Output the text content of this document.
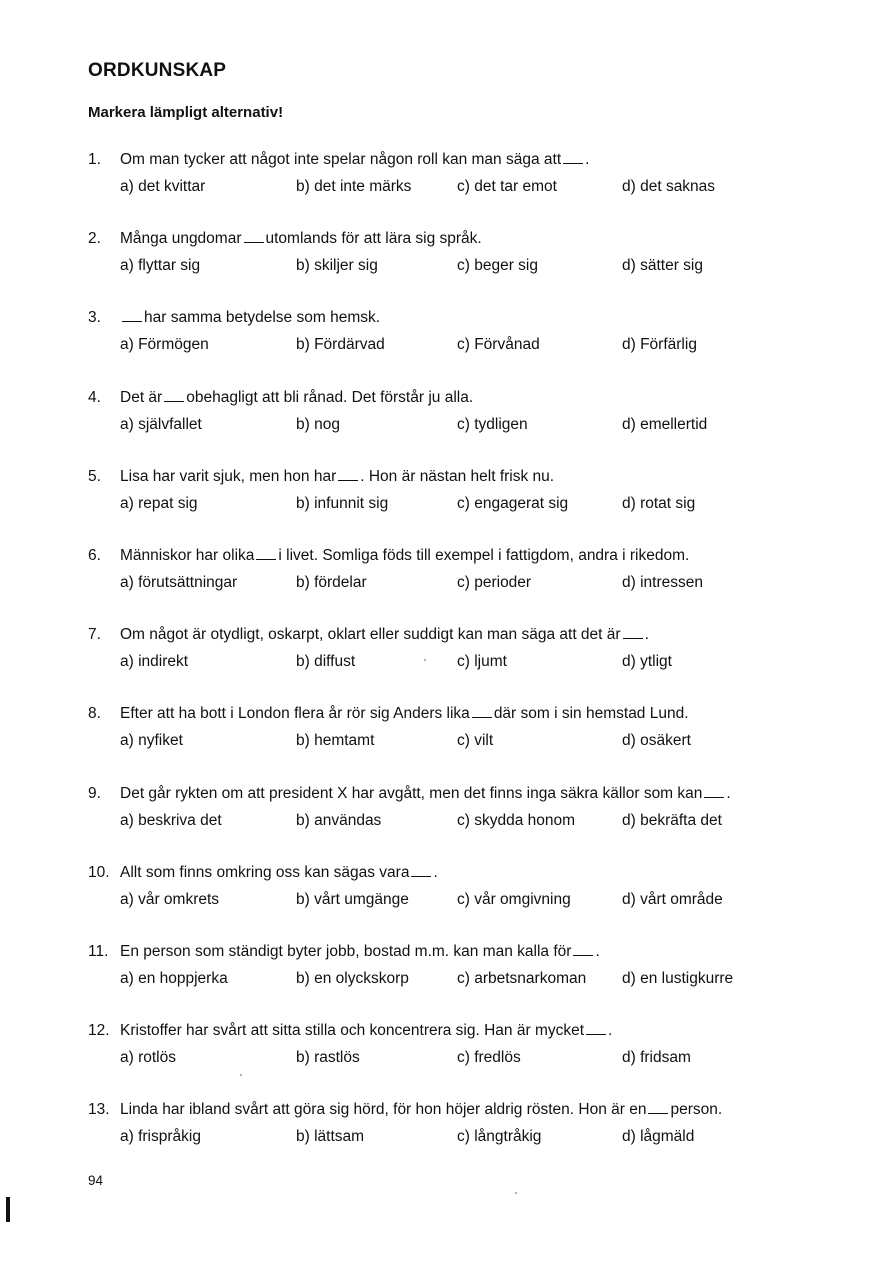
ORDKUNSKAP
Markera lämpligt alternativ!
1.	Om man tycker att något inte spelar någon roll kan man säga att .
a) det kvittar	b) det inte märks	c) det tar emot	d) det saknas
2.	Många ungdomar utomlands för att lära sig språk.
a) flyttar sig	b) skiljer sig	c) beger sig	d) sätter sig
3.	har samma betydelse som hemsk.
a) Förmögen	b) Fördärvad	c) Förvånad	d) Förfärlig
4.	Det är obehagligt att bli rånad. Det förstår ju alla.
a) självfallet	b) nog	c) tydligen	d) emellertid
5.	Lisa har varit sjuk, men hon har . Hon är nästan helt frisk nu.
a) repat sig	b) infunnit sig	c) engagerat sig	d) rotat sig
6.	Människor har olika i livet. Somliga föds till exempel i fattigdom, andra i rikedom.
a) förutsättningar	b) fördelar	c) perioder	d) intressen
7.	Om något är otydligt, oskarpt, oklart eller suddigt kan man säga att det är .
a) indirekt	b) diffust	c) ljumt	d) ytligt
8.	Efter att ha bott i London flera år rör sig Anders lika där som i sin hemstad Lund.
a) nyfiket	b) hemtamt	c) vilt	d) osäkert
9.	Det går rykten om att president X har avgått, men det finns inga säkra källor som kan .
a) beskriva det	b) användas	c) skydda honom	d) bekräfta det
10. Allt som finns omkring oss kan sägas vara .
a) vår omkrets	b) vårt umgänge	c) vår omgivning	d) vårt område
11. En person som ständigt byter jobb, bostad m.m. kan man kalla för .
a) en hoppjerka	b) en olyckskorp	c) arbetsnarkoman d) en lustigkurre
12. Kristoffer har svårt att sitta stilla och koncentrera sig. Han är mycket .
a) rotlös	b) rastlös	c) fredlös	d) fridsam
13. Linda har ibland svårt att göra sig hörd, för hon höjer aldrig rösten. Hon är en person.
a) frispråkig	b) lättsam	c) långtråkig	d) lågmäld
94
